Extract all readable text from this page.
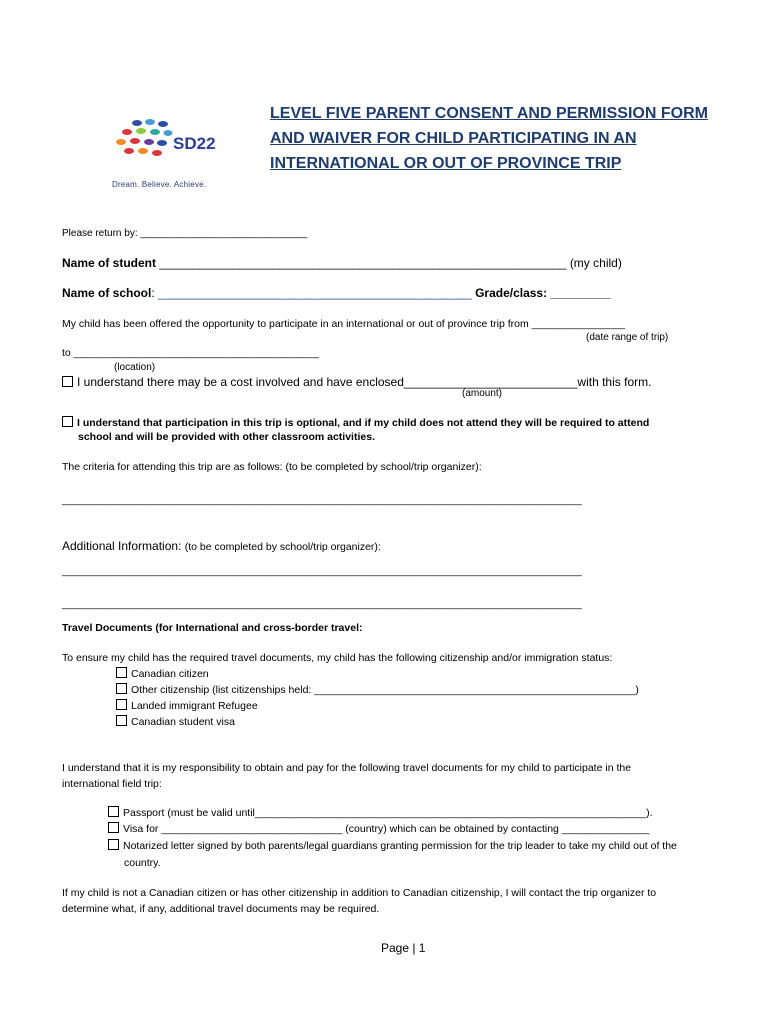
SD22
Dream. Believe. Achieve.
LEVEL FIVE PARENT CONSENT AND PERMISSION FORM AND WAIVER FOR CHILD PARTICIPATING IN AN INTERNATIONAL OR OUT OF PROVINCE TRIP
Please return by: ______________________________
Name of student _____________________________________________________________ (my child)
Name of school: _______________________________________________ Grade/class: _________
My child has been offered the opportunity to participate in an international or out of province trip from ________________
(date range of trip)
to __________________________________________
(location)
I understand there may be a cost involved and have enclosed__________________________with this form.
(amount)
I understand that participation in this trip is optional, and if my child does not attend they will be required to attend
school and will be provided with other classroom activities.
The criteria for attending this trip are as follows: (to be completed by school/trip organizer):
_________________________________________________________________________________________
Additional Information: (to be completed by school/trip organizer):
_________________________________________________________________________________________
_________________________________________________________________________________________
Travel Documents (for International and cross-border travel:
To ensure my child has the required travel documents, my child has the following citizenship and/or immigration status:
Canadian citizen
Other citizenship (list citizenships held: _______________________________________________________)
Landed immigrant Refugee
Canadian student visa
I understand that it is my responsibility to obtain and pay for the following travel documents for my child to participate in the
international field trip:
Passport (must be valid until___________________________________________________________________).
Visa for _______________________________ (country) which can be obtained by contacting _______________
Notarized letter signed by both parents/legal guardians granting permission for the trip leader to take my child out of the
country.
If my child is not a Canadian citizen or has other citizenship in addition to Canadian citizenship, I will contact the trip organizer to
determine what, if any, additional travel documents may be required.
Page | 1
